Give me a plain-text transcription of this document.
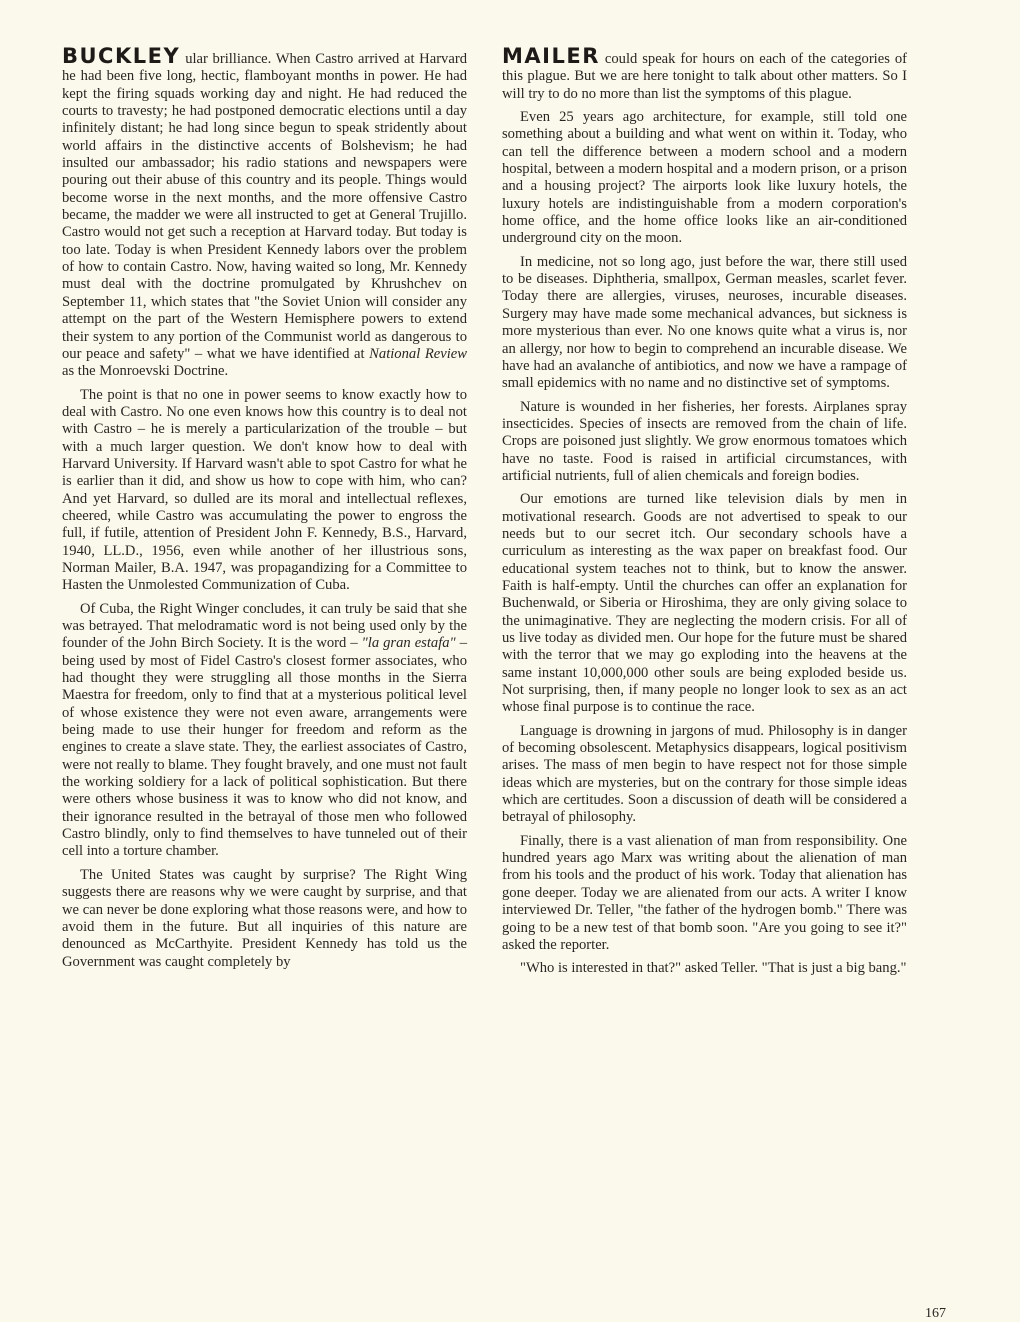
BUCKLEY ular brilliance. When Castro arrived at Harvard he had been five long, hectic, flamboyant months in power. He had kept the firing squads working day and night. He had reduced the courts to travesty; he had postponed democratic elections until a day infinitely distant; he had long since begun to speak stridently about world affairs in the distinctive accents of Bolshevism; he had insulted our ambassador; his radio stations and newspapers were pouring out their abuse of this country and its people. Things would become worse in the next months, and the more offensive Castro became, the madder we were all instructed to get at General Trujillo. Castro would not get such a reception at Harvard today. But today is too late. Today is when President Kennedy labors over the problem of how to contain Castro. Now, having waited so long, Mr. Kennedy must deal with the doctrine promulgated by Khrushchev on September 11, which states that "the Soviet Union will consider any attempt on the part of the Western Hemisphere powers to extend their system to any portion of the Communist world as dangerous to our peace and safety" – what we have identified at National Review as the Monroevski Doctrine.

The point is that no one in power seems to know exactly how to deal with Castro. No one even knows how this country is to deal not with Castro – he is merely a particularization of the trouble – but with a much larger question. We don't know how to deal with Harvard University. If Harvard wasn't able to spot Castro for what he is earlier than it did, and show us how to cope with him, who can? And yet Harvard, so dulled are its moral and intellectual reflexes, cheered, while Castro was accumulating the power to engross the full, if futile, attention of President John F. Kennedy, B.S., Harvard, 1940, LL.D., 1956, even while another of her illustrious sons, Norman Mailer, B.A. 1947, was propagandizing for a Committee to Hasten the Unmolested Communization of Cuba.

Of Cuba, the Right Winger concludes, it can truly be said that she was betrayed. That melodramatic word is not being used only by the founder of the John Birch Society. It is the word – "la gran estafa" – being used by most of Fidel Castro's closest former associates, who had thought they were struggling all those months in the Sierra Maestra for freedom, only to find that at a mysterious political level of whose existence they were not even aware, arrangements were being made to use their hunger for freedom and reform as the engines to create a slave state. They, the earliest associates of Castro, were not really to blame. They fought bravely, and one must not fault the working soldiery for a lack of political sophistication. But there were others whose business it was to know who did not know, and their ignorance resulted in the betrayal of those men who followed Castro blindly, only to find themselves to have tunneled out of their cell into a torture chamber.

The United States was caught by surprise? The Right Wing suggests there are reasons why we were caught by surprise, and that we can never be done exploring what those reasons were, and how to avoid them in the future. But all inquiries of this nature are denounced as McCarthyite. President Kennedy has told us the Government was caught completely by

MAILER could speak for hours on each of the categories of this plague. But we are here tonight to talk about other matters. So I will try to do no more than list the symptoms of this plague.

Even 25 years ago architecture, for example, still told one something about a building and what went on within it. Today, who can tell the difference between a modern school and a modern hospital, between a modern hospital and a modern prison, or a prison and a housing project? The airports look like luxury hotels, the luxury hotels are indistinguishable from a modern corporation's home office, and the home office looks like an air-conditioned underground city on the moon.

In medicine, not so long ago, just before the war, there still used to be diseases. Diphtheria, smallpox, German measles, scarlet fever. Today there are allergies, viruses, neuroses, incurable diseases. Surgery may have made some mechanical advances, but sickness is more mysterious than ever. No one knows quite what a virus is, nor an allergy, nor how to begin to comprehend an incurable disease. We have had an avalanche of antibiotics, and now we have a rampage of small epidemics with no name and no distinctive set of symptoms.

Nature is wounded in her fisheries, her forests. Airplanes spray insecticides. Species of insects are removed from the chain of life. Crops are poisoned just slightly. We grow enormous tomatoes which have no taste. Food is raised in artificial circumstances, with artificial nutrients, full of alien chemicals and foreign bodies.

Our emotions are turned like television dials by men in motivational research. Goods are not advertised to speak to our needs but to our secret itch. Our secondary schools have a curriculum as interesting as the wax paper on breakfast food. Our educational system teaches not to think, but to know the answer. Faith is half-empty. Until the churches can offer an explanation for Buchenwald, or Siberia or Hiroshima, they are only giving solace to the unimaginative. They are neglecting the modern crisis. For all of us live today as divided men. Our hope for the future must be shared with the terror that we may go exploding into the heavens at the same instant 10,000,000 other souls are being exploded beside us. Not surprising, then, if many people no longer look to sex as an act whose final purpose is to continue the race.

Language is drowning in jargons of mud. Philosophy is in danger of becoming obsolescent. Metaphysics disappears, logical positivism arises. The mass of men begin to have respect not for those simple ideas which are mysteries, but on the contrary for those simple ideas which are certitudes. Soon a discussion of death will be considered a betrayal of philosophy.

Finally, there is a vast alienation of man from responsibility. One hundred years ago Marx was writing about the alienation of man from his tools and the product of his work. Today that alienation has gone deeper. Today we are alienated from our acts. A writer I know interviewed Dr. Teller, "the father of the hydrogen bomb." There was going to be a new test of that bomb soon. "Are you going to see it?" asked the reporter.

"Who is interested in that?" asked Teller. "That is just a big bang."

167
